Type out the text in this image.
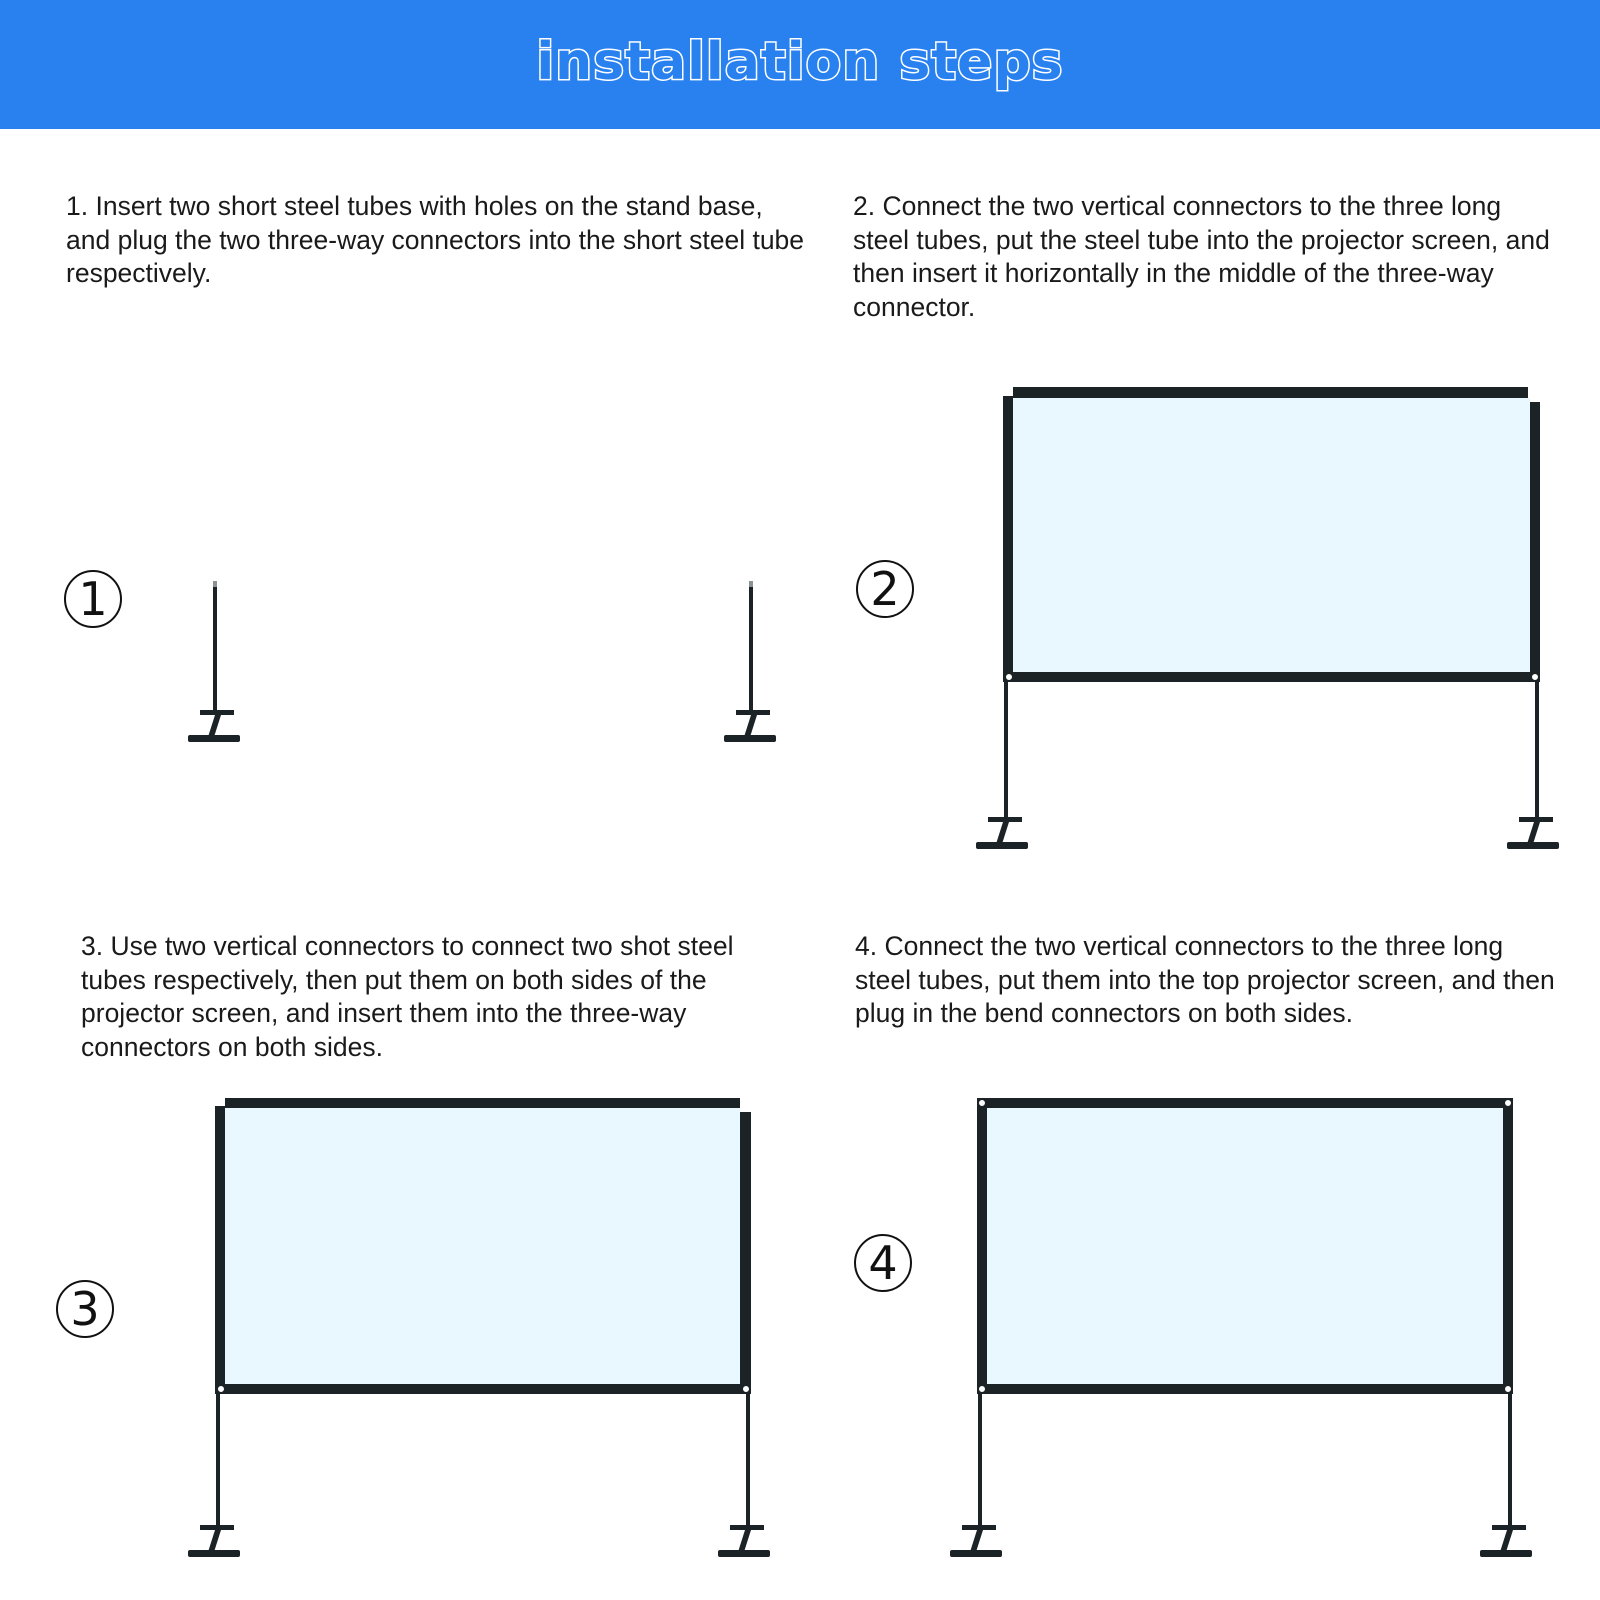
installation steps
1. Insert two short steel tubes with holes on the stand base, and plug the two three-way connectors into the short steel tube respectively.
2. Connect the two vertical connectors to the three long steel tubes, put the steel tube into the projector screen, and then insert it horizontally in the middle of the three-way connector.
3. Use two vertical connectors to connect two shot steel tubes respectively, then put them on both sides of the projector screen, and insert them into the three-way connectors on both sides.
4. Connect the two vertical connectors to the three long steel tubes, put them into the top projector screen, and then plug in the bend connectors on both sides.
1	2
3
4
